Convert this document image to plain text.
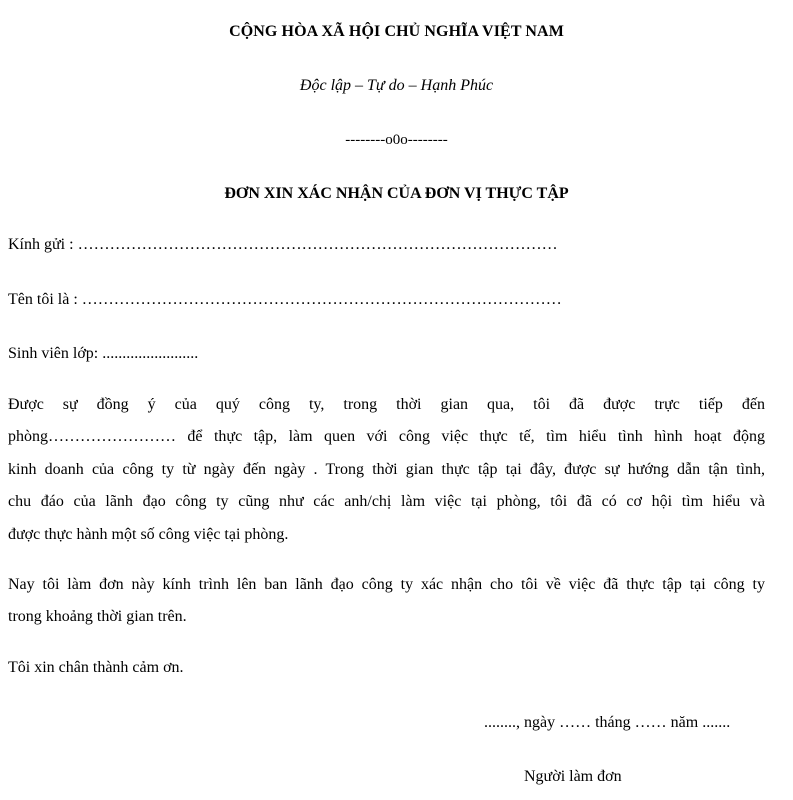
CỘNG HÒA XÃ HỘI CHỦ NGHĨA VIỆT NAM
Độc lập – Tự do – Hạnh Phúc
--------o0o--------
ĐƠN XIN XÁC NHẬN CỦA ĐƠN VỊ THỰC TẬP
Kính gửi : ………………………………………………………………………………
Tên tôi là : ………………………………………………………………………………
Sinh viên lớp: ........................
Được sự đồng ý của quý công ty, trong thời gian qua, tôi đã được trực tiếp đến
phòng…………………… để thực tập, làm quen với công việc thực tế, tìm hiểu tình hình hoạt động
kinh doanh của công ty từ ngày đến ngày . Trong thời gian thực tập tại đây, được sự hướng dẫn tận tình,
chu đáo của lãnh đạo công ty cũng như các anh/chị làm việc tại phòng, tôi đã có cơ hội tìm hiểu và
được thực hành một số công việc tại phòng.
Nay tôi làm đơn này kính trình lên ban lãnh đạo công ty xác nhận cho tôi về việc đã thực tập tại công ty
trong khoảng thời gian trên.
Tôi xin chân thành cảm ơn.
........, ngày …… tháng …… năm .......
Người làm đơn
